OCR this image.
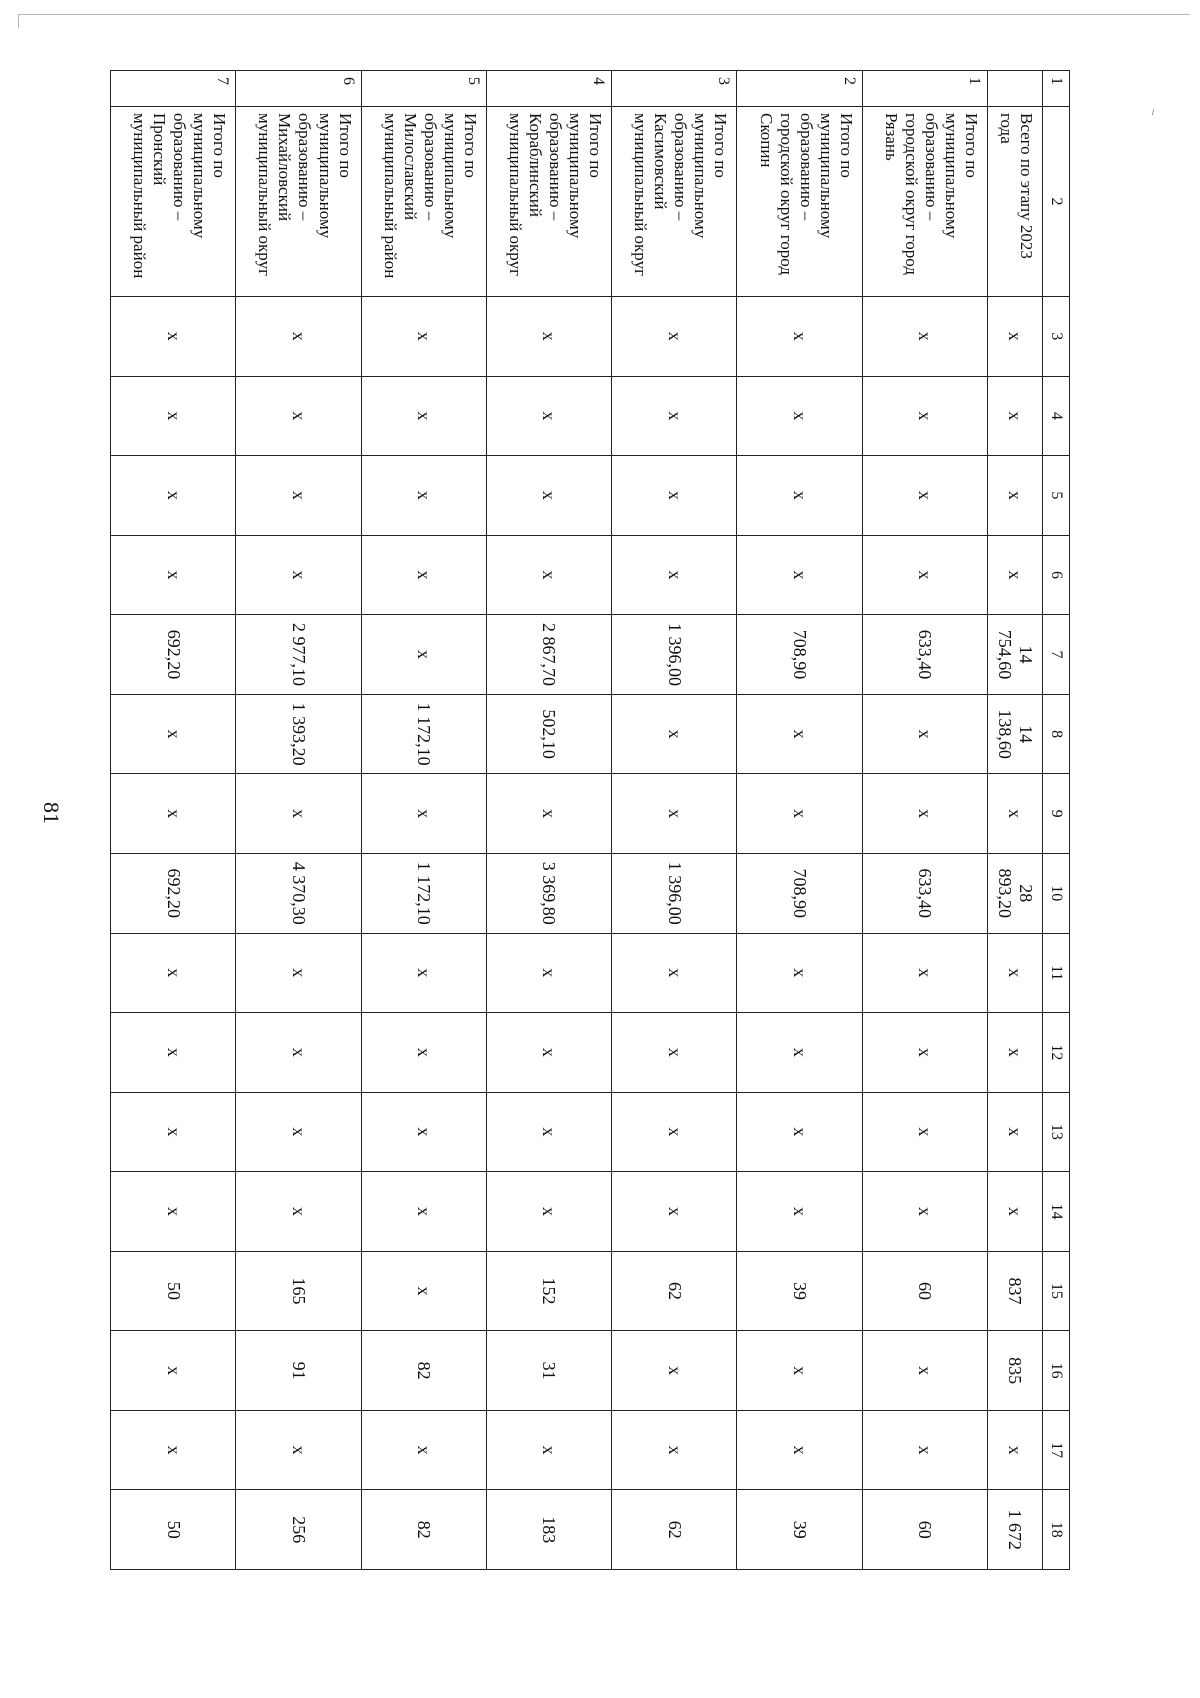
⸝
81
1	2	3	4	5	6	7	8	9	10	11	12	13	14	15	16	17	18
	Всего по этапу 2023 года	x	x	x	x	14 754,60	14 138,60	x	28 893,20	x	x	x	x	837	835	x	1 672
1	Итого по муниципальному образованию – городской округ город Рязань	x	x	x	x	633,40	x	x	633,40	x	x	x	x	60	x	x	60
2	Итого по муниципальному образованию – городской округ город Скопин	x	x	x	x	708,90	x	x	708,90	x	x	x	x	39	x	x	39
3	Итого по муниципальному образованию – Касимовский муниципальный округ	x	x	x	x	1 396,00	x	x	1 396,00	x	x	x	x	62	x	x	62
4	Итого по муниципальному образованию – Кораблинский муниципальный округ	x	x	x	x	2 867,70	502,10	x	3 369,80	x	x	x	x	152	31	x	183
5	Итого по муниципальному образованию – Милославский муниципальный район	x	x	x	x	x	1 172,10	x	1 172,10	x	x	x	x	x	82	x	82
6	Итого по муниципальному образованию – Михайловский муниципальный округ	x	x	x	x	2 977,10	1 393,20	x	4 370,30	x	x	x	x	165	91	x	256
7	Итого по муниципальному образованию – Пронский муниципальный район	x	x	x	x	692,20	x	x	692,20	x	x	x	x	50	x	x	50
